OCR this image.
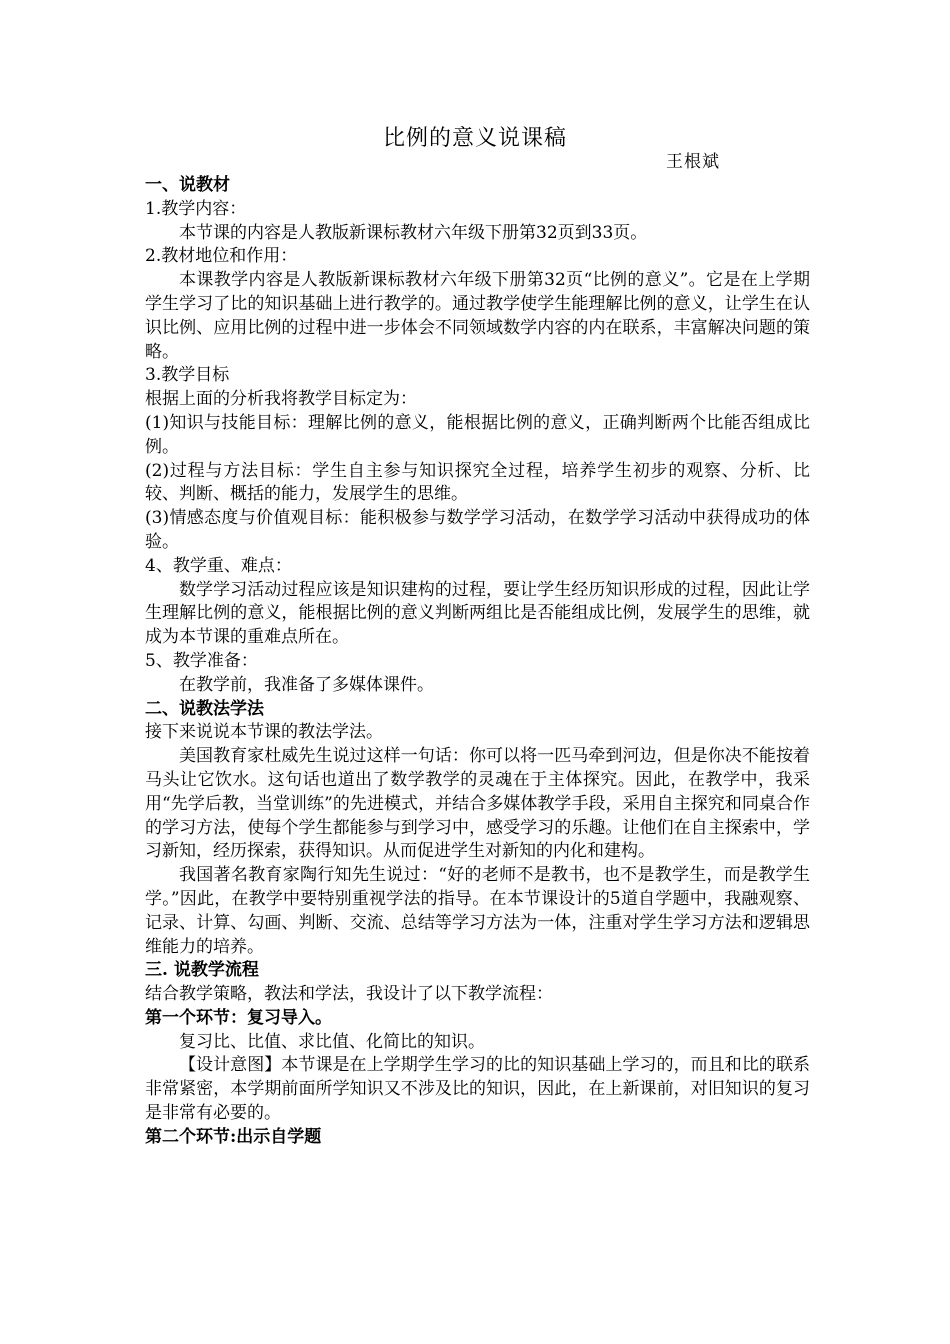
比例的意义说课稿
王根斌

一、说教材

1.教学内容：

本节课的内容是人教版新课标教材六年级下册第32页到33页。

2.教材地位和作用：

本课教学内容是人教版新课标教材六年级下册第32页“比例的意义”。它是在上学期学生学习了比的知识基础上进行教学的。通过教学使学生能理解比例的意义，让学生在认识比例、应用比例的过程中进一步体会不同领域数学内容的内在联系，丰富解决问题的策略。

3.教学目标

根据上面的分析我将教学目标定为：

(1)知识与技能目标：理解比例的意义，能根据比例的意义，正确判断两个比能否组成比例。

(2)过程与方法目标：学生自主参与知识探究全过程，培养学生初步的观察、分析、比较、判断、概括的能力，发展学生的思维。

(3)情感态度与价值观目标：能积极参与数学学习活动，在数学学习活动中获得成功的体验。

4、教学重、难点：

数学学习活动过程应该是知识建构的过程，要让学生经历知识形成的过程，因此让学生理解比例的意义，能根据比例的意义判断两组比是否能组成比例，发展学生的思维，就成为本节课的重难点所在。

5、教学准备：

在教学前，我准备了多媒体课件。

二、说教法学法

接下来说说本节课的教法学法。

美国教育家杜威先生说过这样一句话：你可以将一匹马牵到河边，但是你决不能按着马头让它饮水。这句话也道出了数学教学的灵魂在于主体探究。因此，在教学中，我采用“先学后教，当堂训练”的先进模式，并结合多媒体教学手段，采用自主探究和同桌合作的学习方法，使每个学生都能参与到学习中，感受学习的乐趣。让他们在自主探索中，学习新知，经历探索，获得知识。从而促进学生对新知的内化和建构。

我国著名教育家陶行知先生说过：“好的老师不是教书，也不是教学生，而是教学生学。”因此，在教学中要特别重视学法的指导。在本节课设计的5道自学题中，我融观察、记录、计算、勾画、判断、交流、总结等学习方法为一体，注重对学生学习方法和逻辑思维能力的培养。

三. 说教学流程

结合教学策略，教法和学法，我设计了以下教学流程：

第一个环节：复习导入。

复习比、比值、求比值、化简比的知识。

【设计意图】本节课是在上学期学生学习的比的知识基础上学习的，而且和比的联系非常紧密，本学期前面所学知识又不涉及比的知识，因此，在上新课前，对旧知识的复习是非常有必要的。

第二个环节:出示自学题
